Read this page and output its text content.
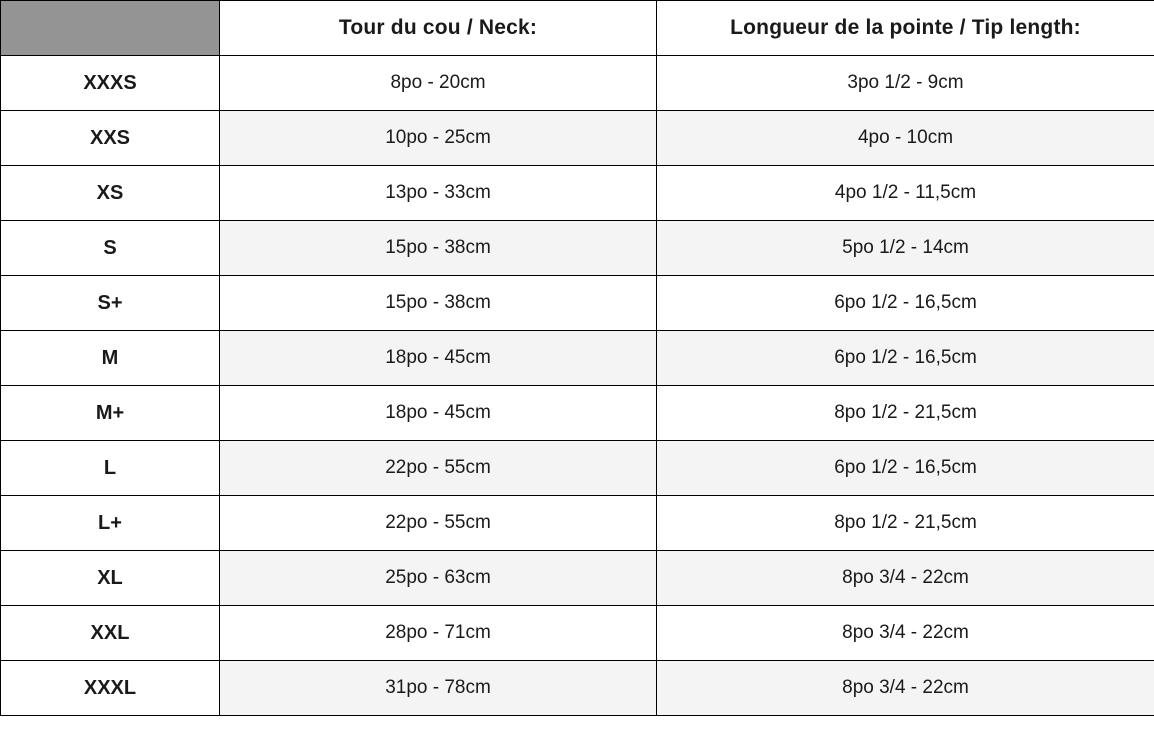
	Tour du cou / Neck:	Longueur de la pointe / Tip length:
XXXS	8po - 20cm	3po 1/2 - 9cm
XXS	10po - 25cm	4po - 10cm
XS	13po - 33cm	4po 1/2 - 11,5cm
S	15po - 38cm	5po 1/2 - 14cm
S+	15po - 38cm	6po 1/2 - 16,5cm
M	18po - 45cm	6po 1/2 - 16,5cm
M+	18po - 45cm	8po 1/2 - 21,5cm
L	22po - 55cm	6po 1/2 - 16,5cm
L+	22po - 55cm	8po 1/2 - 21,5cm
XL	25po - 63cm	8po 3/4 - 22cm
XXL	28po - 71cm	8po 3/4 - 22cm
XXXL	31po - 78cm	8po 3/4 - 22cm
